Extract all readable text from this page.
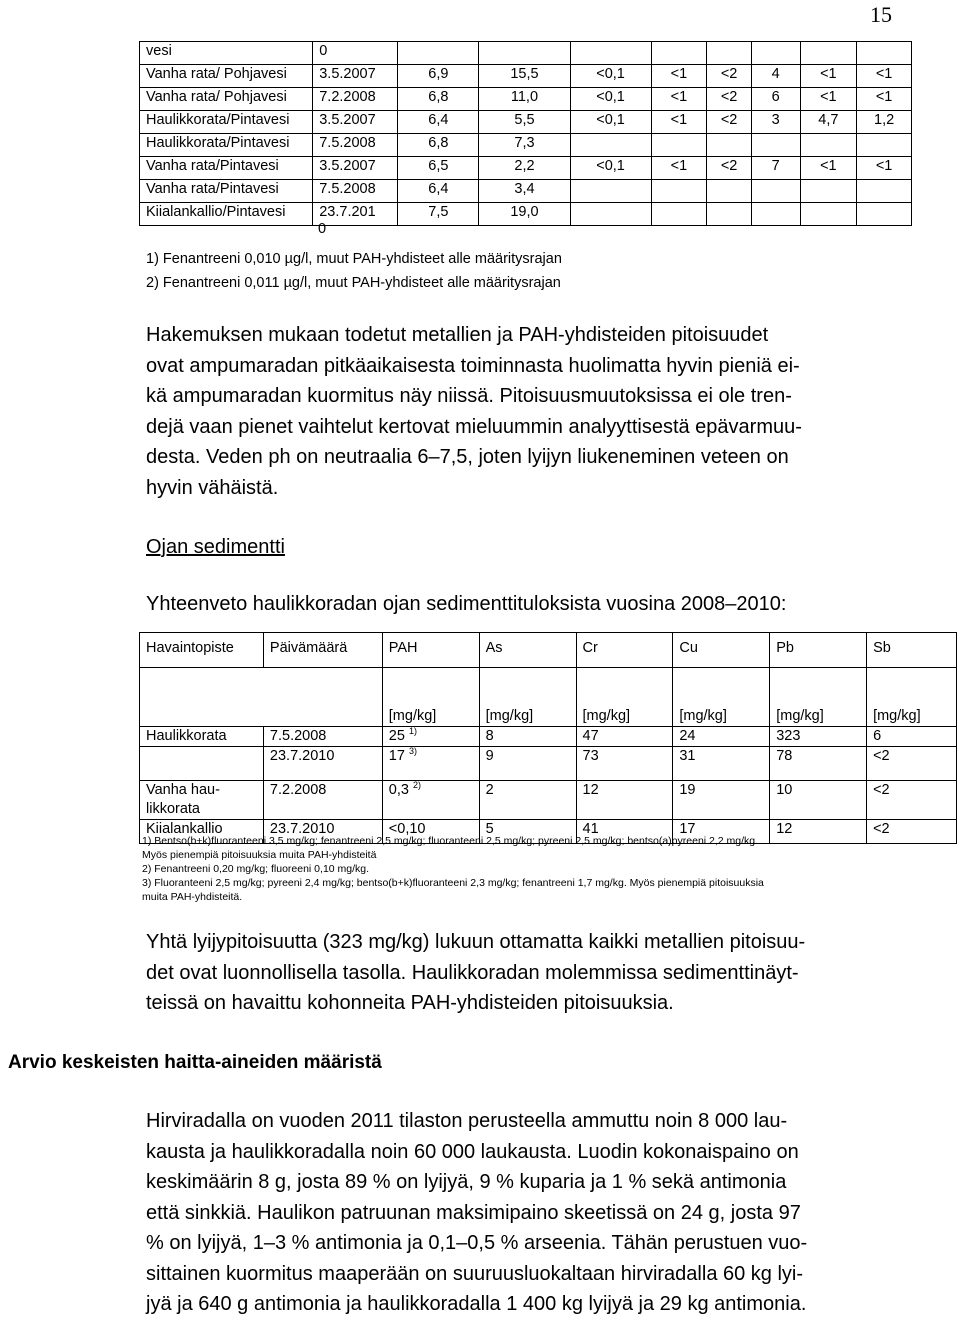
15
vesi	0								
Vanha rata/ Pohjavesi	3.5.2007	6,9	15,5	<0,1	<1	<2	4	<1	<1
Vanha rata/ Pohjavesi	7.2.2008	6,8	11,0	<0,1	<1	<2	6	<1	<1
Haulikkorata/Pintavesi	3.5.2007	6,4	5,5	<0,1	<1	<2	3	4,7	1,2
Haulikkorata/Pintavesi	7.5.2008	6,8	7,3						
Vanha rata/Pintavesi	3.5.2007	6,5	2,2	<0,1	<1	<2	7	<1	<1
Vanha rata/Pintavesi	7.5.2008	6,4	3,4						
Kiialankallio/Pintavesi	23.7.201	7,5	19,0						
0
1) Fenantreeni 0,010 µg/l, muut PAH-yhdisteet alle määritysrajan
2) Fenantreeni 0,011 µg/l, muut PAH-yhdisteet alle määritysrajan
Hakemuksen mukaan todetut metallien ja PAH-yhdisteiden pitoisuudet
ovat ampumaradan pitkäaikaisesta toiminnasta huolimatta hyvin pieniä ei-
kä ampumaradan kuormitus näy niissä. Pitoisuusmuutoksissa ei ole tren-
dejä vaan pienet vaihtelut kertovat mieluummin analyyttisestä epävarmuu-
desta. Veden ph on neutraalia 6–7,5, joten lyijyn liukeneminen veteen on
hyvin vähäistä.
Ojan sedimentti
Yhteenveto haulikkoradan ojan sedimenttituloksista vuosina 2008–2010:
Havaintopiste	Päivämäärä	PAH	As	Cr	Cu	Pb	Sb
		[mg/kg]	[mg/kg]	[mg/kg]	[mg/kg]	[mg/kg]	[mg/kg]
Haulikkorata	7.5.2008	25 $^{1)}$	8	47	24	323	6
	23.7.2010	17 $^{3)}$	9	73	31	78	<2
Vanha hau-
likkorata	7.2.2008	0,3 $^{2)}$	2	12	19	10	<2
Kiialankallio	23.7.2010	<0,10	5	41	17	12	<2
1) Bentso(b+k)fluoranteeni 3,5 mg/kg; fenantreeni 2,5 mg/kg; fluoranteeni 2,5 mg/kg; pyreeni 2,5 mg/kg; bentso(a)pyreeni 2,2 mg/kg.
Myös pienempiä pitoisuuksia muita PAH-yhdisteitä
2) Fenantreeni 0,20 mg/kg; fluoreeni 0,10 mg/kg.
3) Fluoranteeni 2,5 mg/kg; pyreeni 2,4 mg/kg; bentso(b+k)fluoranteeni 2,3 mg/kg; fenantreeni 1,7 mg/kg. Myös pienempiä pitoisuuksia
muita PAH-yhdisteitä.
Yhtä lyijypitoisuutta (323 mg/kg) lukuun ottamatta kaikki metallien pitoisuu-
det ovat luonnollisella tasolla. Haulikkoradan molemmissa sedimenttinäyt-
teissä on havaittu kohonneita PAH-yhdisteiden pitoisuuksia.
Arvio keskeisten haitta-aineiden määristä
Hirviradalla on vuoden 2011 tilaston perusteella ammuttu noin 8 000 lau-
kausta ja haulikkoradalla noin 60 000 laukausta. Luodin kokonaispaino on
keskimäärin 8 g, josta 89 % on lyijyä, 9 % kuparia ja 1 % sekä antimonia
että sinkkiä. Haulikon patruunan maksimipaino skeetissä on 24 g, josta 97
% on lyijyä, 1–3 % antimonia ja 0,1–0,5 % arseenia. Tähän perustuen vuo-
sittainen kuormitus maaperään on suuruusluokaltaan hirviradalla 60 kg lyi-
jyä ja 640 g antimonia ja haulikkoradalla 1 400 kg lyijyä ja 29 kg antimonia.
